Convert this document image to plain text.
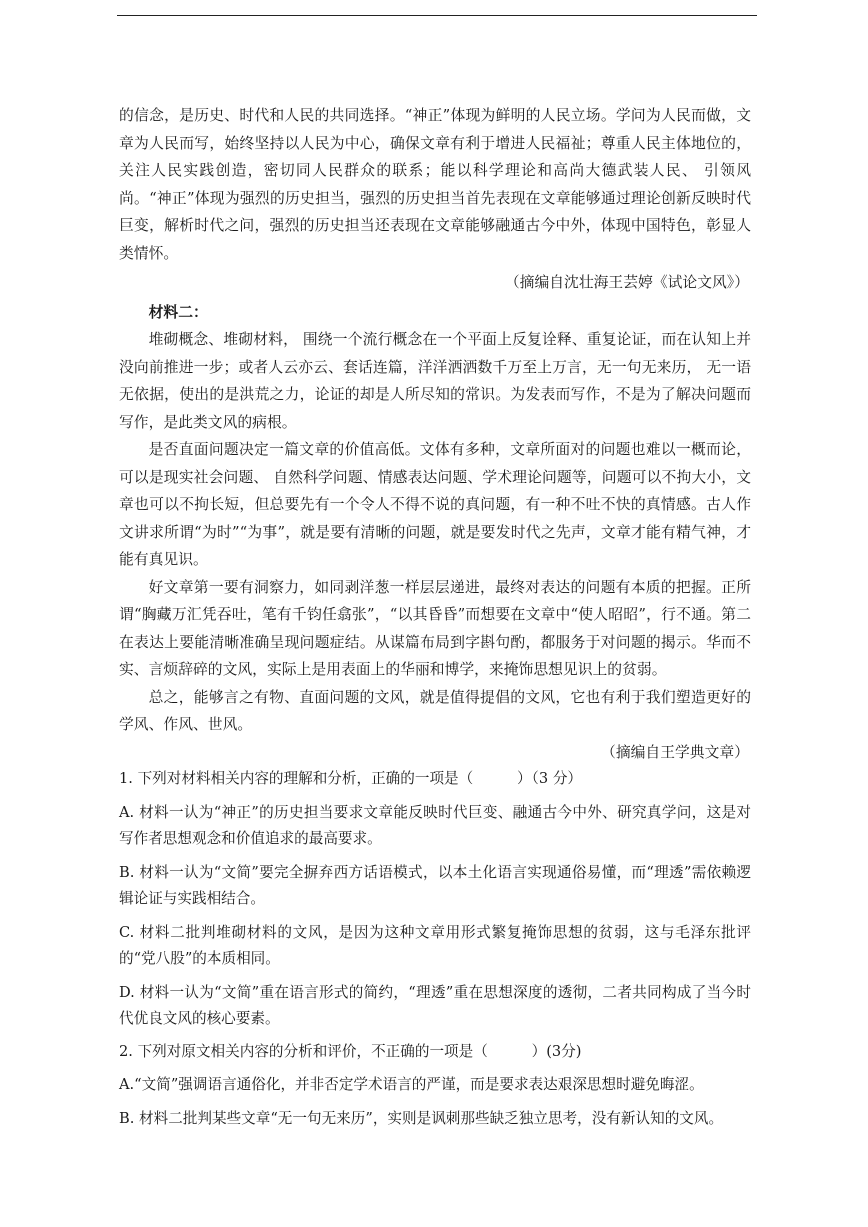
的信念，是历史、时代和人民的共同选择。“神正”体现为鲜明的人民立场。学问为人民而做，文章为人民而写，始终坚持以人民为中心，确保文章有利于增进人民福祉；尊重人民主体地位的，关注人民实践创造，密切同人民群众的联系；能以科学理论和高尚大德武装人民、 引领风尚。“神正”体现为强烈的历史担当，强烈的历史担当首先表现在文章能够通过理论创新反映时代巨变，解析时代之问，强烈的历史担当还表现在文章能够融通古今中外，体现中国特色，彰显人类情怀。

（摘编自沈壮海王芸婷《试论文风》）

材料二：

堆砌概念、堆砌材料， 围绕一个流行概念在一个平面上反复诠释、重复论证，而在认知上并没向前推进一步；或者人云亦云、套话连篇，洋洋洒洒数千万至上万言，无一句无来历， 无一语无依据，使出的是洪荒之力，论证的却是人所尽知的常识。为发表而写作，不是为了解决问题而写作，是此类文风的病根。

是否直面问题决定一篇文章的价值高低。文体有多种，文章所面对的问题也难以一概而论，可以是现实社会问题、 自然科学问题、情感表达问题、学术理论问题等，问题可以不拘大小，文章也可以不拘长短，但总要先有一个令人不得不说的真问题，有一种不吐不快的真情感。古人作文讲求所谓“为时”“为事”，就是要有清晰的问题，就是要发时代之先声，文章才能有精气神，才能有真见识。

好文章第一要有洞察力，如同剥洋葱一样层层递进，最终对表达的问题有本质的把握。正所谓“胸藏万汇凭吞吐，笔有千钧任翕张”，“以其昏昏”而想要在文章中“使人昭昭”，行不通。第二在表达上要能清晰准确呈现问题症结。从谋篇布局到字斟句酌，都服务于对问题的揭示。华而不实、言烦辞碎的文风，实际上是用表面上的华丽和博学，来掩饰思想见识上的贫弱。

总之，能够言之有物、直面问题的文风，就是值得提倡的文风，它也有利于我们塑造更好的学风、作风、世风。

（摘编自王学典文章）

1. 下列对材料相关内容的理解和分析，正确的一项是（　　　）（3 分）

A. 材料一认为“神正”的历史担当要求文章能反映时代巨变、融通古今中外、研究真学问，这是对写作者思想观念和价值追求的最高要求。

B. 材料一认为“文简”要完全摒弃西方话语模式，以本土化语言实现通俗易懂，而“理透”需依赖逻辑论证与实践相结合。

C. 材料二批判堆砌材料的文风，是因为这种文章用形式繁复掩饰思想的贫弱，这与毛泽东批评的“党八股”的本质相同。

D. 材料一认为“文简”重在语言形式的简约，“理透”重在思想深度的透彻，二者共同构成了当今时代优良文风的核心要素。

2. 下列对原文相关内容的分析和评价，不正确的一项是（　　　）(3分)

A.“文简”强调语言通俗化，并非否定学术语言的严谨，而是要求表达艰深思想时避免晦涩。

B. 材料二批判某些文章“无一句无来历”，实则是讽刺那些缺乏独立思考，没有新认知的文风。
